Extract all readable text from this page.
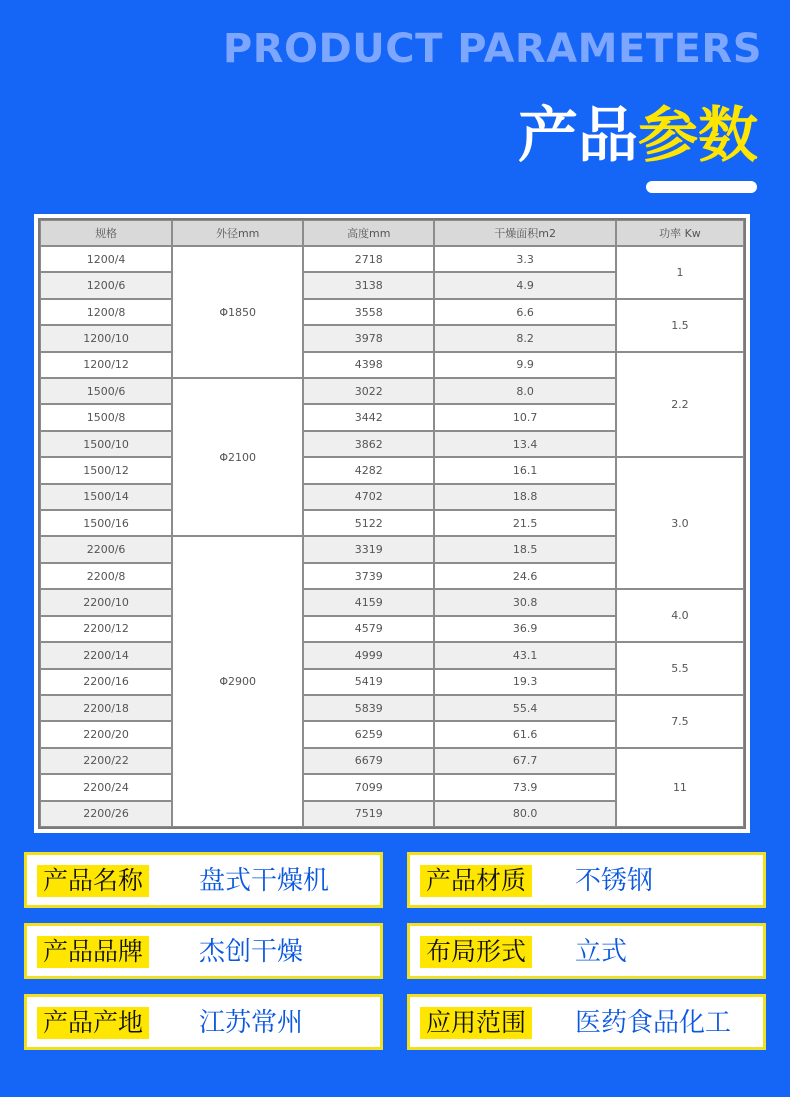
PRODUCT PARAMETERS
产品参数
规格	外径mm	高度mm	干燥面积m2	功率 Kw
1200/4	Φ1850	2718	3.3	1
1200/6		3138	4.9	
1200/8		3558	6.6	1.5
1200/10		3978	8.2	
1200/12		4398	9.9	2.2
1500/6	Φ2100	3022	8.0	
1500/8		3442	10.7	
1500/10		3862	13.4	
1500/12		4282	16.1	3.0
1500/14		4702	18.8	
1500/16		5122	21.5	
2200/6	Φ2900	3319	18.5	
2200/8		3739	24.6	
2200/10		4159	30.8	4.0
2200/12		4579	36.9	
2200/14		4999	43.1	5.5
2200/16		5419	19.3	
2200/18		5839	55.4	7.5
2200/20		6259	61.6	
2200/22		6679	67.7	11
2200/24		7099	73.9	
2200/26		7519	80.0	
产品名称 盘式干燥机	产品材质 不锈钢
产品品牌 杰创干燥	布局形式 立式
产品产地 江苏常州	应用范围 医药食品化工
